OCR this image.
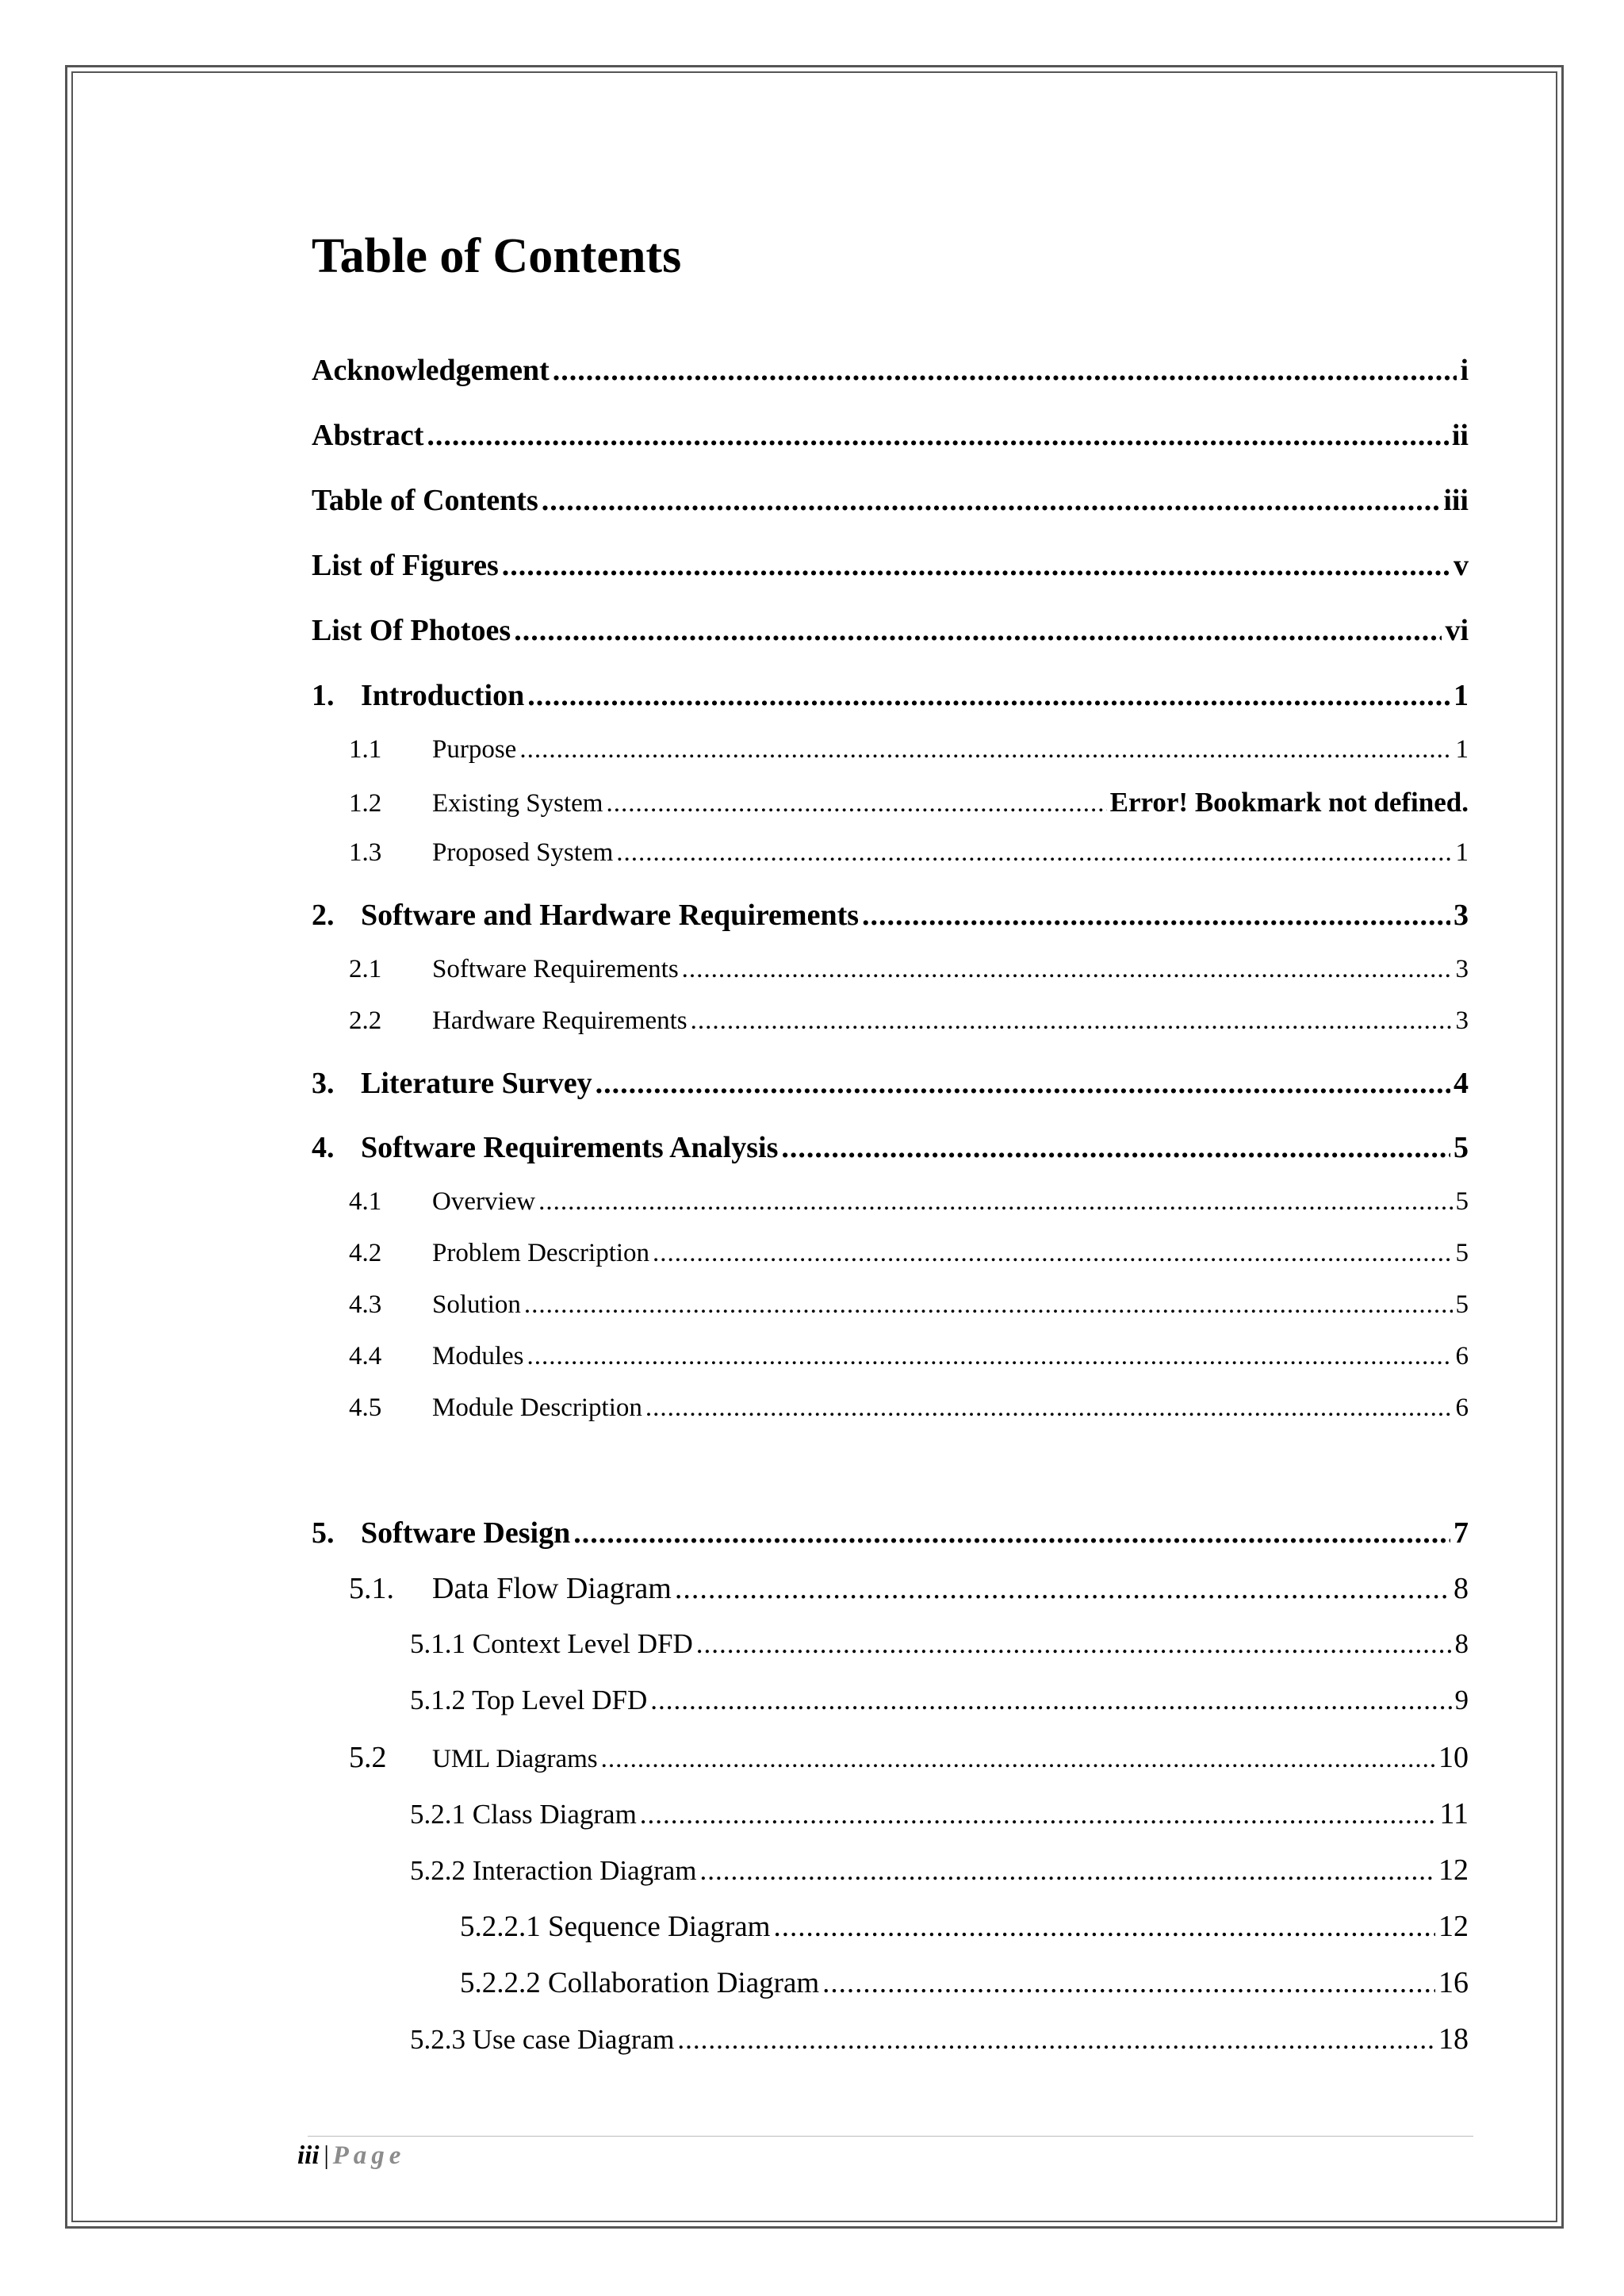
Table of Contents
Acknowledgement .....	i
Abstract .....	ii
Table of Contents .....	iii
List of Figures .....	v
List Of Photoes .....	vi
1. Introduction .....	1
1.1	Purpose .....	1
1.2	Existing System .....	Error! Bookmark not defined.
1.3	Proposed System .....	1
2. Software and Hardware Requirements .....	3
2.1	Software Requirements .....	3
2.2	Hardware Requirements .....	3
3. Literature Survey .....	4
4. Software Requirements Analysis .....	5
4.1	Overview .....	5
4.2	Problem Description .....	5
4.3	Solution .....	5
4.4	Modules .....	6
4.5	Module Description .....	6
5. Software Design .....	7
5.1.	Data Flow Diagram .....	8
5.1.1 Context Level DFD .....	8
5.1.2 Top Level DFD .....	9
5.2	UML Diagrams .....	10
5.2.1 Class Diagram .....	11
5.2.2 Interaction Diagram .....	12
5.2.2.1 Sequence Diagram .....	12
5.2.2.2 Collaboration Diagram .....	16
5.2.3 Use case Diagram .....	18
iii | Page
